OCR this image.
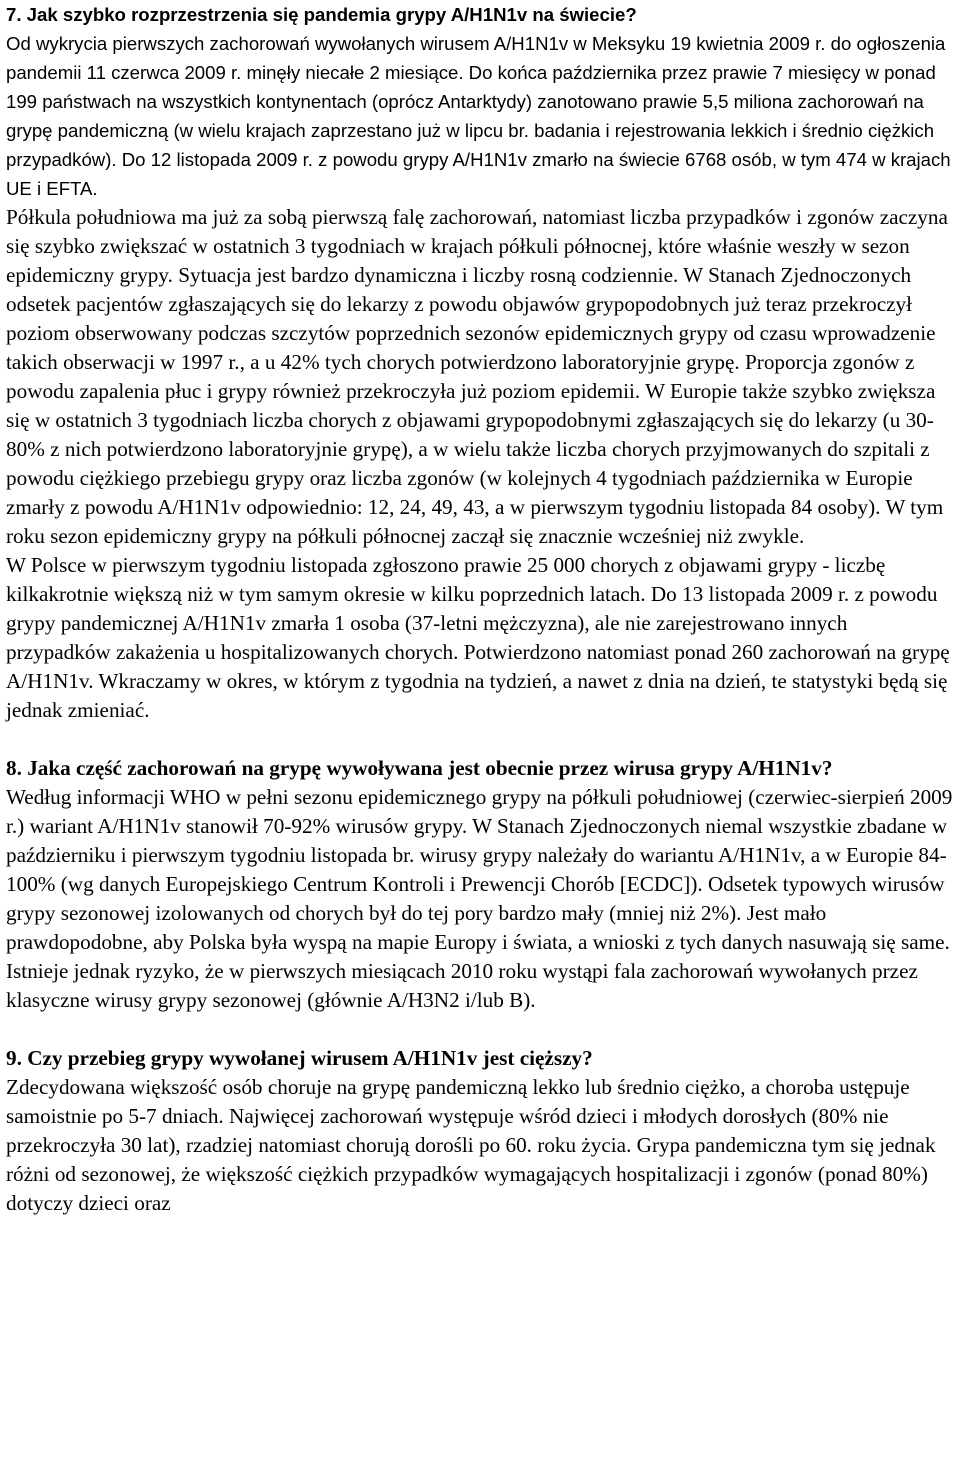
7. Jak szybko rozprzestrzenia się pandemia grypy A/H1N1v na świecie?
Od wykrycia pierwszych zachorowań wywołanych wirusem A/H1N1v w Meksyku 19 kwietnia 2009 r. do ogłoszenia pandemii 11 czerwca 2009 r. minęły niecałe 2 miesiące. Do końca października przez prawie 7 miesięcy w ponad 199 państwach na wszystkich kontynentach (oprócz Antarktydy) zanotowano prawie 5,5 miliona zachorowań na grypę pandemiczną (w wielu krajach zaprzestano już w lipcu br. badania i rejestrowania lekkich i średnio ciężkich przypadków). Do 12 listopada 2009 r. z powodu grypy A/H1N1v zmarło na świecie 6768 osób, w tym 474 w krajach UE i EFTA.

Półkula południowa ma już za sobą pierwszą falę zachorowań, natomiast liczba przypadków i zgonów zaczyna się szybko zwiększać w ostatnich 3 tygodniach w krajach półkuli północnej, które właśnie weszły w sezon epidemiczny grypy. Sytuacja jest bardzo dynamiczna i liczby rosną codziennie. W Stanach Zjednoczonych odsetek pacjentów zgłaszających się do lekarzy z powodu objawów grypopodobnych już teraz przekroczył poziom obserwowany podczas szczytów poprzednich sezonów epidemicznych grypy od czasu wprowadzenie takich obserwacji w 1997 r., a u 42% tych chorych potwierdzono laboratoryjnie grypę. Proporcja zgonów z powodu zapalenia płuc i grypy również przekroczyła już poziom epidemii. W Europie także szybko zwiększa się w ostatnich 3 tygodniach liczba chorych z objawami grypopodobnymi zgłaszających się do lekarzy (u 30-80% z nich potwierdzono laboratoryjnie grypę), a w wielu także liczba chorych przyjmowanych do szpitali z powodu ciężkiego przebiegu grypy oraz liczba zgonów (w kolejnych 4 tygodniach października w Europie zmarły z powodu A/H1N1v odpowiednio: 12, 24, 49, 43, a w pierwszym tygodniu listopada 84 osoby). W tym roku sezon epidemiczny grypy na półkuli północnej zaczął się znacznie wcześniej niż zwykle.

W Polsce w pierwszym tygodniu listopada zgłoszono prawie 25 000 chorych z objawami grypy - liczbę kilkakrotnie większą niż w tym samym okresie w kilku poprzednich latach. Do 13 listopada 2009 r. z powodu grypy pandemicznej A/H1N1v zmarła 1 osoba (37-letni mężczyzna), ale nie zarejestrowano innych przypadków zakażenia u hospitalizowanych chorych. Potwierdzono natomiast ponad 260 zachorowań na grypę A/H1N1v. Wkraczamy w okres, w którym z tygodnia na tydzień, a nawet z dnia na dzień, te statystyki będą się jednak zmieniać.

8. Jaka część zachorowań na grypę wywoływana jest obecnie przez wirusa grypy A/H1N1v?

Według informacji WHO w pełni sezonu epidemicznego grypy na półkuli południowej (czerwiec-sierpień 2009 r.) wariant A/H1N1v stanowił 70-92% wirusów grypy. W Stanach Zjednoczonych niemal wszystkie zbadane w październiku i pierwszym tygodniu listopada br. wirusy grypy należały do wariantu A/H1N1v, a w Europie 84-100% (wg danych Europejskiego Centrum Kontroli i Prewencji Chorób [ECDC]). Odsetek typowych wirusów grypy sezonowej izolowanych od chorych był do tej pory bardzo mały (mniej niż 2%). Jest mało prawdopodobne, aby Polska była wyspą na mapie Europy i świata, a wnioski z tych danych nasuwają się same. Istnieje jednak ryzyko, że w pierwszych miesiącach 2010 roku wystąpi fala zachorowań wywołanych przez klasyczne wirusy grypy sezonowej (głównie A/H3N2 i/lub B).

9. Czy przebieg grypy wywołanej wirusem A/H1N1v jest cięższy?

Zdecydowana większość osób choruje na grypę pandemiczną lekko lub średnio ciężko, a choroba ustępuje samoistnie po 5-7 dniach. Najwięcej zachorowań występuje wśród dzieci i młodych dorosłych (80% nie przekroczyła 30 lat), rzadziej natomiast chorują dorośli po 60. roku życia. Grypa pandemiczna tym się jednak różni od sezonowej, że większość ciężkich przypadków wymagających hospitalizacji i zgonów (ponad 80%) dotyczy dzieci oraz
